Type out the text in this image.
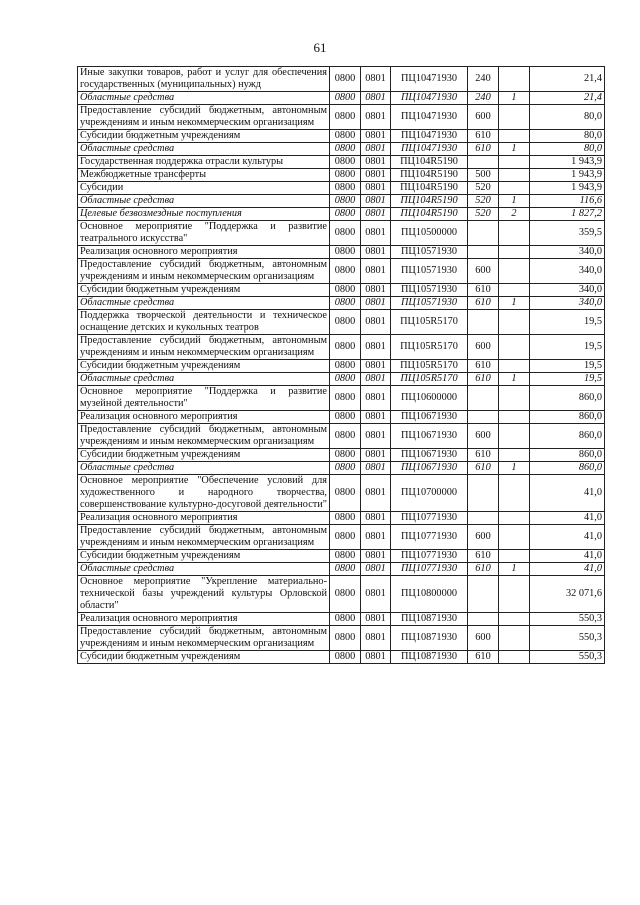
61
Иные закупки товаров, работ и услуг для обеспечения государственных (муниципальных) нужд	0800	0801	ПЦ10471930	240		21,4
Областные средства	0800	0801	ПЦ10471930	240	1	21,4
Предоставление субсидий бюджетным, автономным учреждениям и иным некоммерческим организациям	0800	0801	ПЦ10471930	600		80,0
Субсидии бюджетным учреждениям	0800	0801	ПЦ10471930	610		80,0
Областные средства	0800	0801	ПЦ10471930	610	1	80,0
Государственная поддержка отрасли культуры	0800	0801	ПЦ104R5190			1 943,9
Межбюджетные трансферты	0800	0801	ПЦ104R5190	500		1 943,9
Субсидии	0800	0801	ПЦ104R5190	520		1 943,9
Областные средства	0800	0801	ПЦ104R5190	520	1	116,6
Целевые безвозмездные поступления	0800	0801	ПЦ104R5190	520	2	1 827,2
Основное мероприятие "Поддержка и развитие театрального искусства"	0800	0801	ПЦ10500000			359,5
Реализация основного мероприятия	0800	0801	ПЦ10571930			340,0
Предоставление субсидий бюджетным, автономным учреждениям и иным некоммерческим организациям	0800	0801	ПЦ10571930	600		340,0
Субсидии бюджетным учреждениям	0800	0801	ПЦ10571930	610		340,0
Областные средства	0800	0801	ПЦ10571930	610	1	340,0
Поддержка творческой деятельности и техническое оснащение детских и кукольных театров	0800	0801	ПЦ105R5170			19,5
Предоставление субсидий бюджетным, автономным учреждениям и иным некоммерческим организациям	0800	0801	ПЦ105R5170	600		19,5
Субсидии бюджетным учреждениям	0800	0801	ПЦ105R5170	610		19,5
Областные средства	0800	0801	ПЦ105R5170	610	1	19,5
Основное мероприятие "Поддержка и развитие музейной деятельности"	0800	0801	ПЦ10600000			860,0
Реализация основного мероприятия	0800	0801	ПЦ10671930			860,0
Предоставление субсидий бюджетным, автономным учреждениям и иным некоммерческим организациям	0800	0801	ПЦ10671930	600		860,0
Субсидии бюджетным учреждениям	0800	0801	ПЦ10671930	610		860,0
Областные средства	0800	0801	ПЦ10671930	610	1	860,0
Основное мероприятие "Обеспечение условий для художественного и народного творчества, совершенствование культурно-досуговой деятельности"	0800	0801	ПЦ10700000			41,0
Реализация основного мероприятия	0800	0801	ПЦ10771930			41,0
Предоставление субсидий бюджетным, автономным учреждениям и иным некоммерческим организациям	0800	0801	ПЦ10771930	600		41,0
Субсидии бюджетным учреждениям	0800	0801	ПЦ10771930	610		41,0
Областные средства	0800	0801	ПЦ10771930	610	1	41,0
Основное мероприятие "Укрепление материально-технической базы учреждений культуры Орловской области"	0800	0801	ПЦ10800000			32 071,6
Реализация основного мероприятия	0800	0801	ПЦ10871930			550,3
Предоставление субсидий бюджетным, автономным учреждениям и иным некоммерческим организациям	0800	0801	ПЦ10871930	600		550,3
Субсидии бюджетным учреждениям	0800	0801	ПЦ10871930	610		550,3
